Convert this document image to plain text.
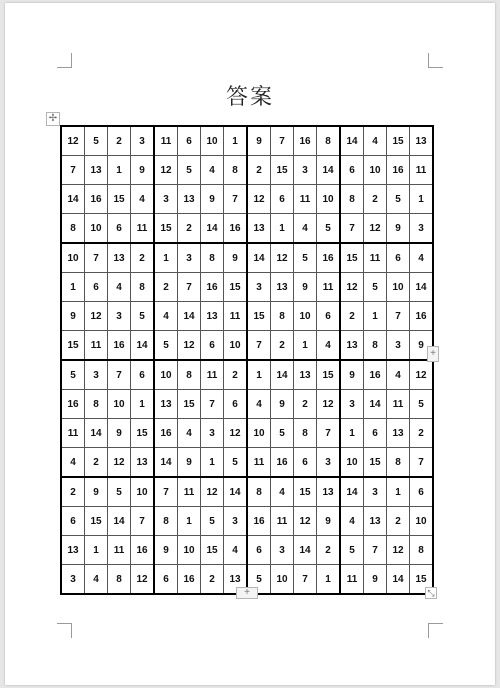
答案
✢
12	5	2	3	11	6	10	1	9	7	16	8	14	4	15	13
7	13	1	9	12	5	4	8	2	15	3	14	6	10	16	11
14	16	15	4	3	13	9	7	12	6	11	10	8	2	5	1
8	10	6	11	15	2	14	16	13	1	4	5	7	12	9	3
10	7	13	2	1	3	8	9	14	12	5	16	15	11	6	4
1	6	4	8	2	7	16	15	3	13	9	11	12	5	10	14
9	12	3	5	4	14	13	11	15	8	10	6	2	1	7	16
15	11	16	14	5	12	6	10	7	2	1	4	13	8	3	9
5	3	7	6	10	8	11	2	1	14	13	15	9	16	4	12
16	8	10	1	13	15	7	6	4	9	2	12	3	14	11	5
11	14	9	15	16	4	3	12	10	5	8	7	1	6	13	2
4	2	12	13	14	9	1	5	11	16	6	3	10	15	8	7
2	9	5	10	7	11	12	14	8	4	15	13	14	3	1	6
6	15	14	7	8	1	5	3	16	11	12	9	4	13	2	10
13	1	11	16	9	10	15	4	6	3	14	2	5	7	12	8
3	4	8	12	6	16	2	13	5	10	7	1	11	9	14	15
+
+	⤡
